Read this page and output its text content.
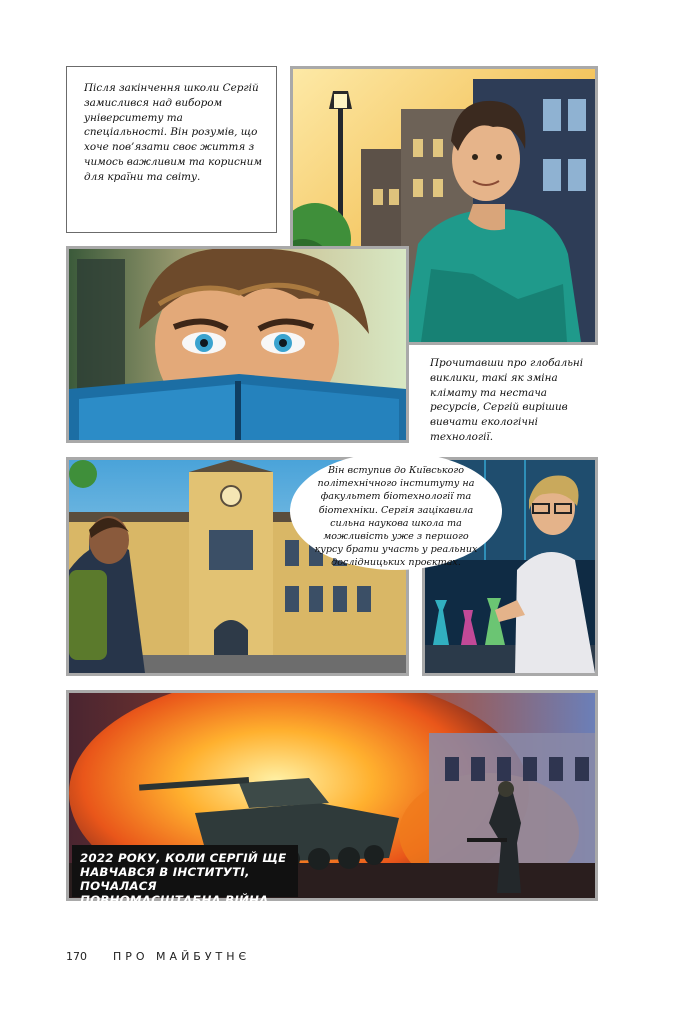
Після закінчення школи Сергій замислився над вибором університету та спеціальності. Він розумів, що хоче пов’язати своє життя з чимось важливим та корисним для країни та світу.
Прочитавши про глобальні виклики, такі як зміна клімату та нестача ресурсів, Сергій вирішив вивчати екологічні технології.
Він вступив до Київського політехнічного інституту на факультет біотехнології та біотехніки. Сергія зацікавила сильна наукова школа та можливість уже з першого курсу брати участь у реальних дослідницьких проєктах.
2022 РОКУ, КОЛИ СЕРГІЙ ЩЕ НАВЧАВСЯ В ІНСТИТУТІ, ПОЧАЛАСЯ ПОВНОМАСШТАБНА ВІЙНА.
170 ПРО МАЙБУТНЄ
